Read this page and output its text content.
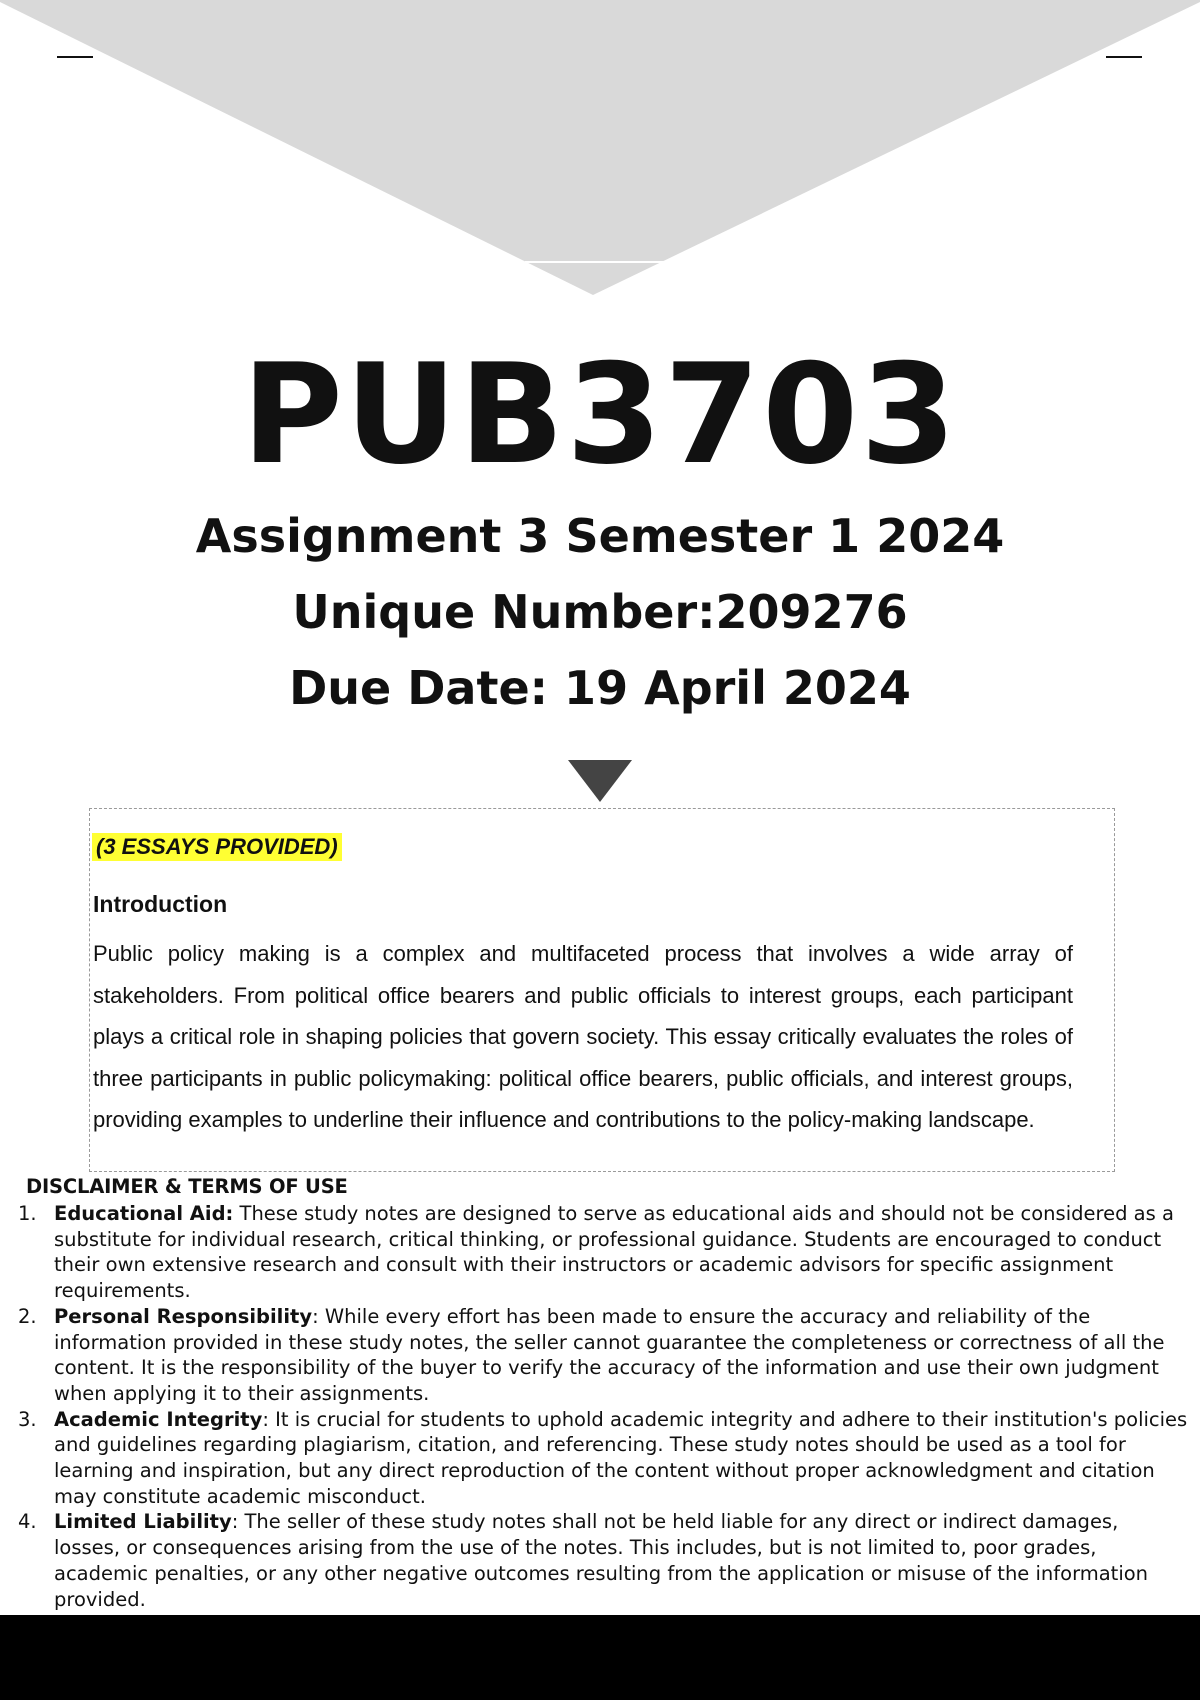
PUB3703
Assignment 3 Semester 1 2024
Unique Number:209276
Due Date: 19 April 2024
(3 ESSAYS PROVIDED)
Introduction

Public policy making is a complex and multifaceted process that involves a wide array of stakeholders. From political office bearers and public officials to interest groups, each participant plays a critical role in shaping policies that govern society. This essay critically evaluates the roles of three participants in public policymaking: political office bearers, public officials, and interest groups, providing examples to underline their influence and contributions to the policy-making landscape.

DISCLAIMER & TERMS OF USE
1. Educational Aid: These study notes are designed to serve as educational aids and should not be considered as a substitute for individual research, critical thinking, or professional guidance. Students are encouraged to conduct their own extensive research and consult with their instructors or academic advisors for specific assignment requirements.
2. Personal Responsibility: While every effort has been made to ensure the accuracy and reliability of the information provided in these study notes, the seller cannot guarantee the completeness or correctness of all the content. It is the responsibility of the buyer to verify the accuracy of the information and use their own judgment when applying it to their assignments.
3. Academic Integrity: It is crucial for students to uphold academic integrity and adhere to their institution's policies and guidelines regarding plagiarism, citation, and referencing. These study notes should be used as a tool for learning and inspiration, but any direct reproduction of the content without proper acknowledgment and citation may constitute academic misconduct.
4. Limited Liability: The seller of these study notes shall not be held liable for any direct or indirect damages, losses, or consequences arising from the use of the notes. This includes, but is not limited to, poor grades, academic penalties, or any other negative outcomes resulting from the application or misuse of the information provided.
